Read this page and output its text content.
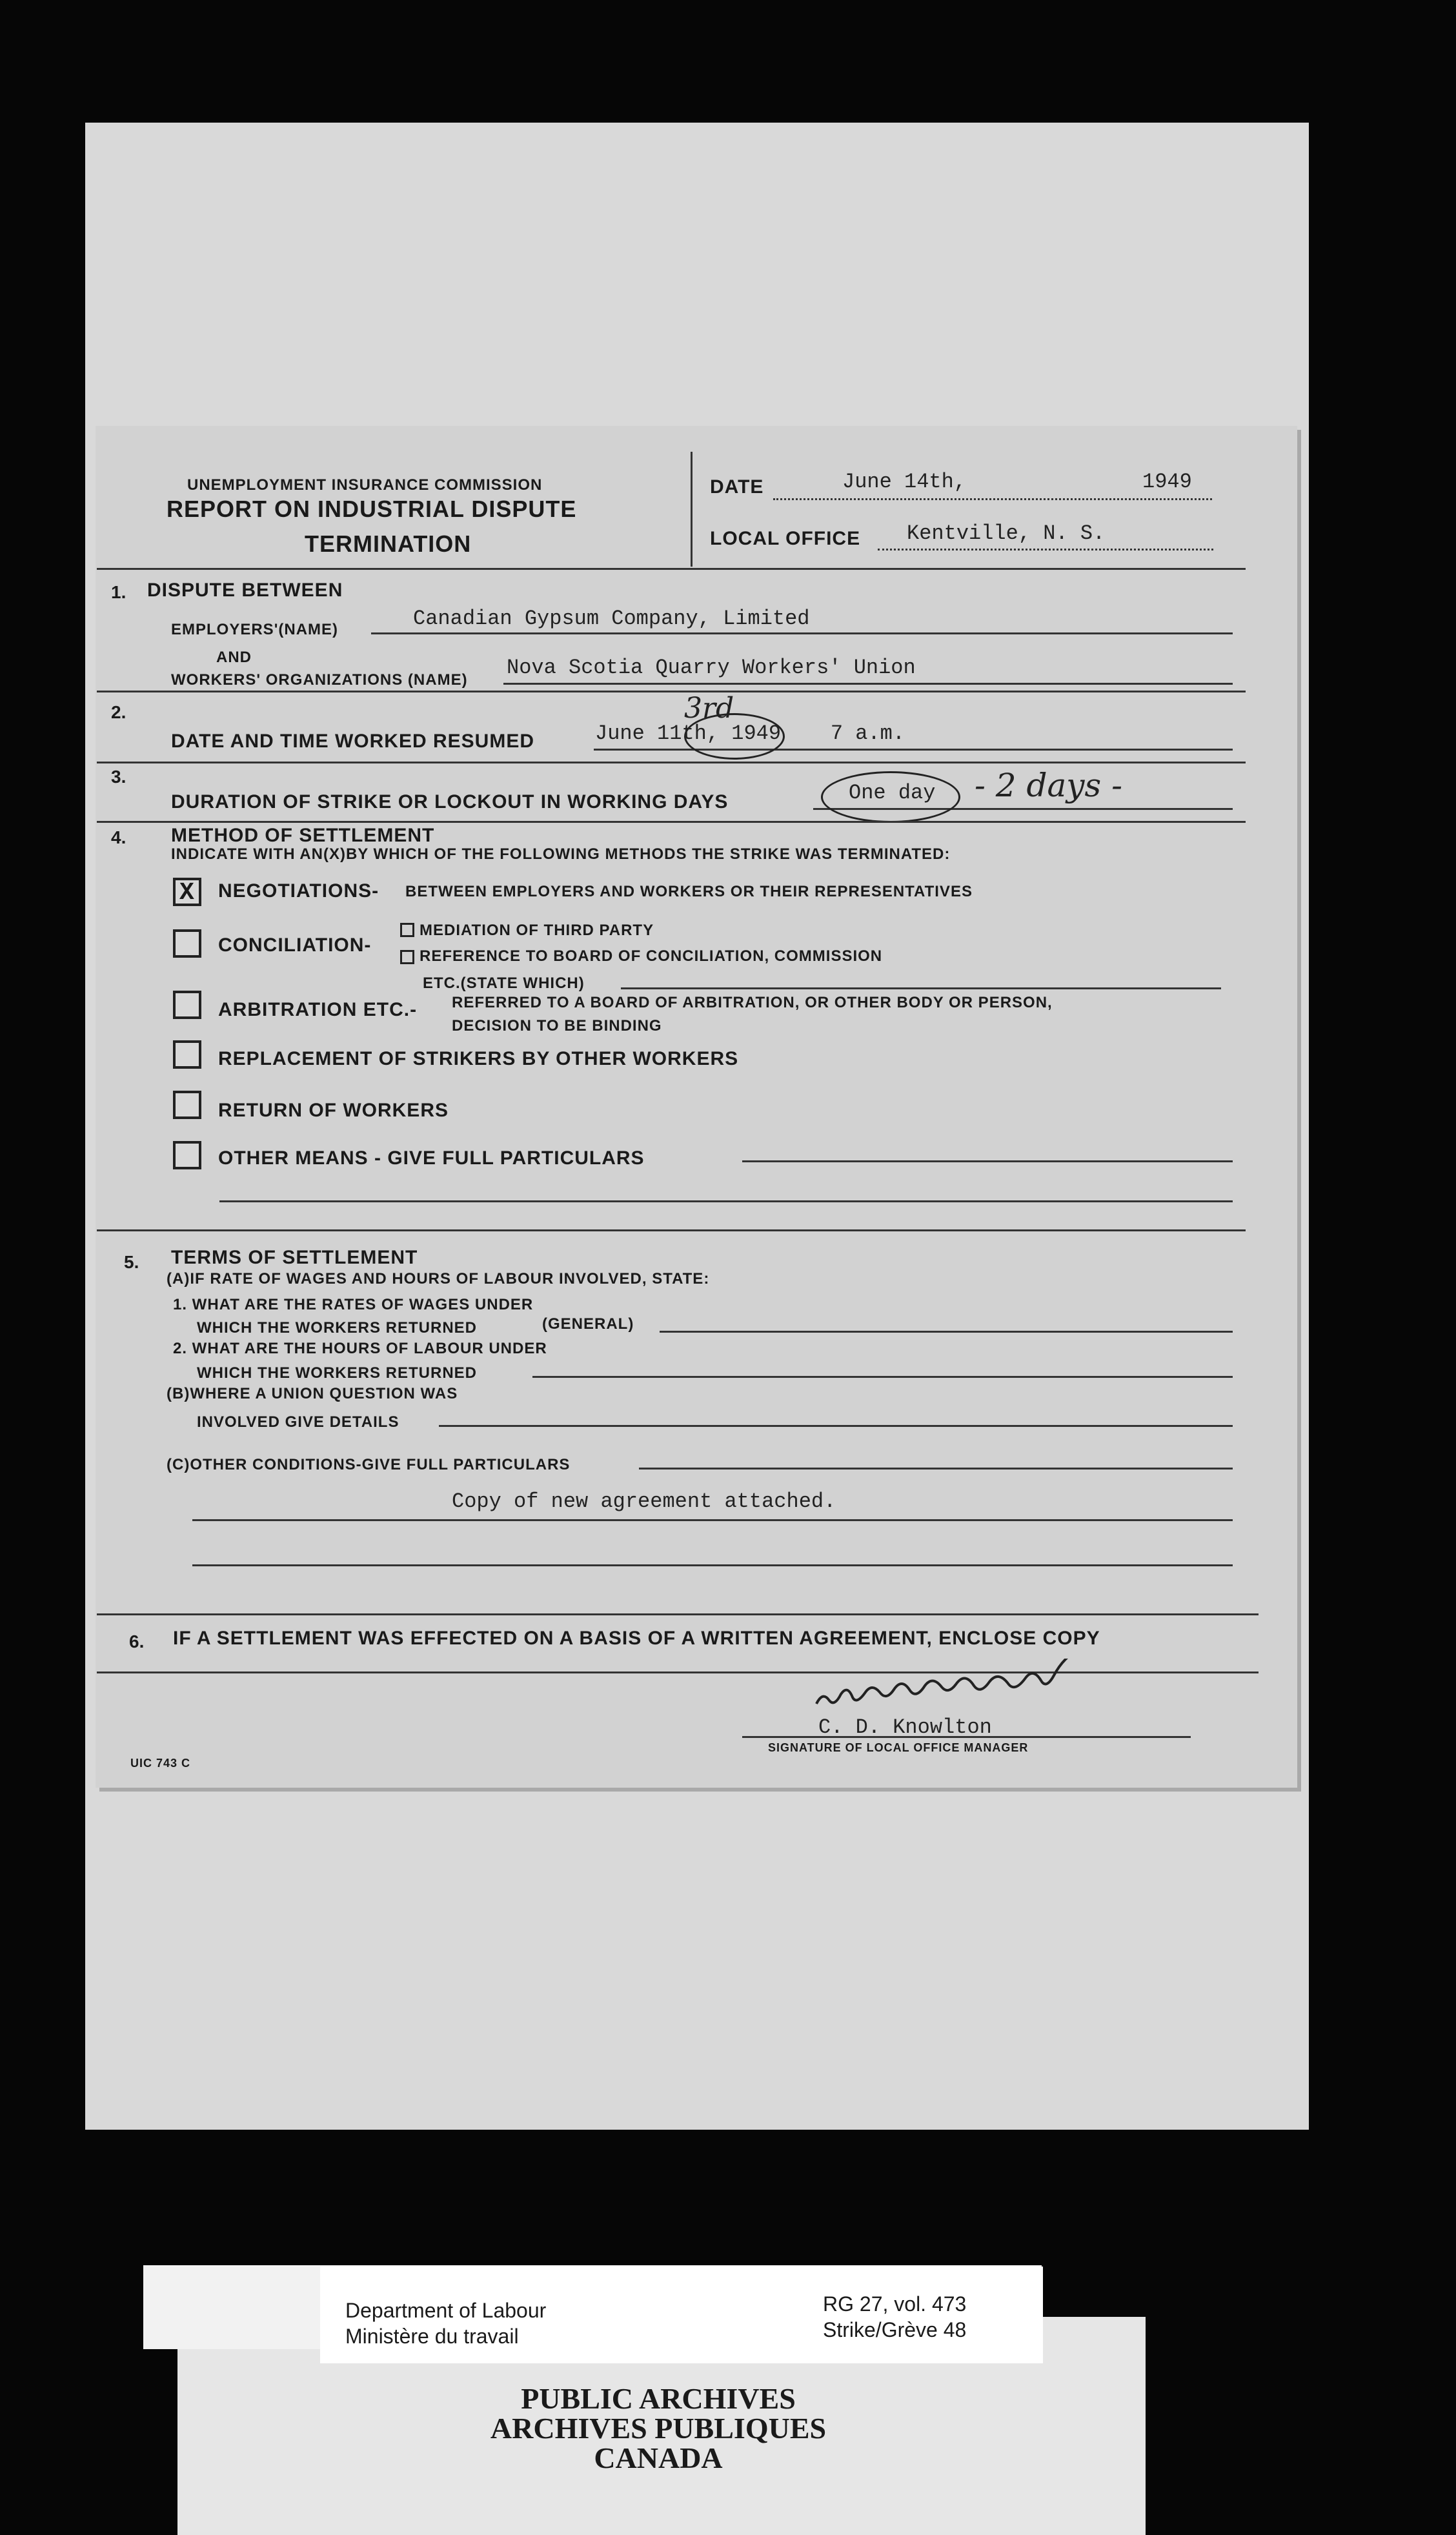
UNEMPLOYMENT INSURANCE COMMISSION
REPORT ON INDUSTRIAL DISPUTE
TERMINATION
DATE	June 14th,	1949
LOCAL OFFICE Kentville, N. S.
1. DISPUTE BETWEEN
EMPLOYERS'(NAME)	Canadian Gypsum Company, Limited
AND
WORKERS' ORGANIZATIONS (NAME)
Nova Scotia Quarry Workers' Union
2.
DATE AND TIME WORKED RESUMED	June 11th, 1949    7 a.m.
3rd
3.
DURATION OF STRIKE OR LOCKOUT IN WORKING DAYS	One day - 2 days -
4. METHOD OF SETTLEMENT
INDICATE WITH AN(X)BY WHICH OF THE FOLLOWING METHODS THE STRIKE WAS TERMINATED:
X NEGOTIATIONS- BETWEEN EMPLOYERS AND WORKERS OR THEIR REPRESENTATIVES
CONCILIATION-
MEDIATION OF THIRD PARTY
REFERENCE TO BOARD OF CONCILIATION, COMMISSION
ETC.(STATE WHICH)
ARBITRATION ETC.- REFERRED TO A BOARD OF ARBITRATION, OR OTHER BODY OR PERSON,
DECISION TO BE BINDING
REPLACEMENT OF STRIKERS BY OTHER WORKERS
RETURN OF WORKERS
OTHER MEANS - GIVE FULL PARTICULARS
5. TERMS OF SETTLEMENT
(A)IF RATE OF WAGES AND HOURS OF LABOUR INVOLVED, STATE:
1. WHAT ARE THE RATES OF WAGES UNDER
WHICH THE WORKERS RETURNED	(GENERAL)
2. WHAT ARE THE HOURS OF LABOUR UNDER
WHICH THE WORKERS RETURNED
(B)WHERE A UNION QUESTION WAS
INVOLVED GIVE DETAILS
(C)OTHER CONDITIONS-GIVE FULL PARTICULARS
Copy of new agreement attached.
6. IF A SETTLEMENT WAS EFFECTED ON A BASIS OF A WRITTEN AGREEMENT, ENCLOSE COPY
C. D. Knowlton
SIGNATURE OF LOCAL OFFICE MANAGER
UIC 743 C
Department of Labour
Ministère du travail
RG 27, vol. 473
Strike/Grève 48
PUBLIC ARCHIVES
ARCHIVES PUBLIQUES
CANADA
